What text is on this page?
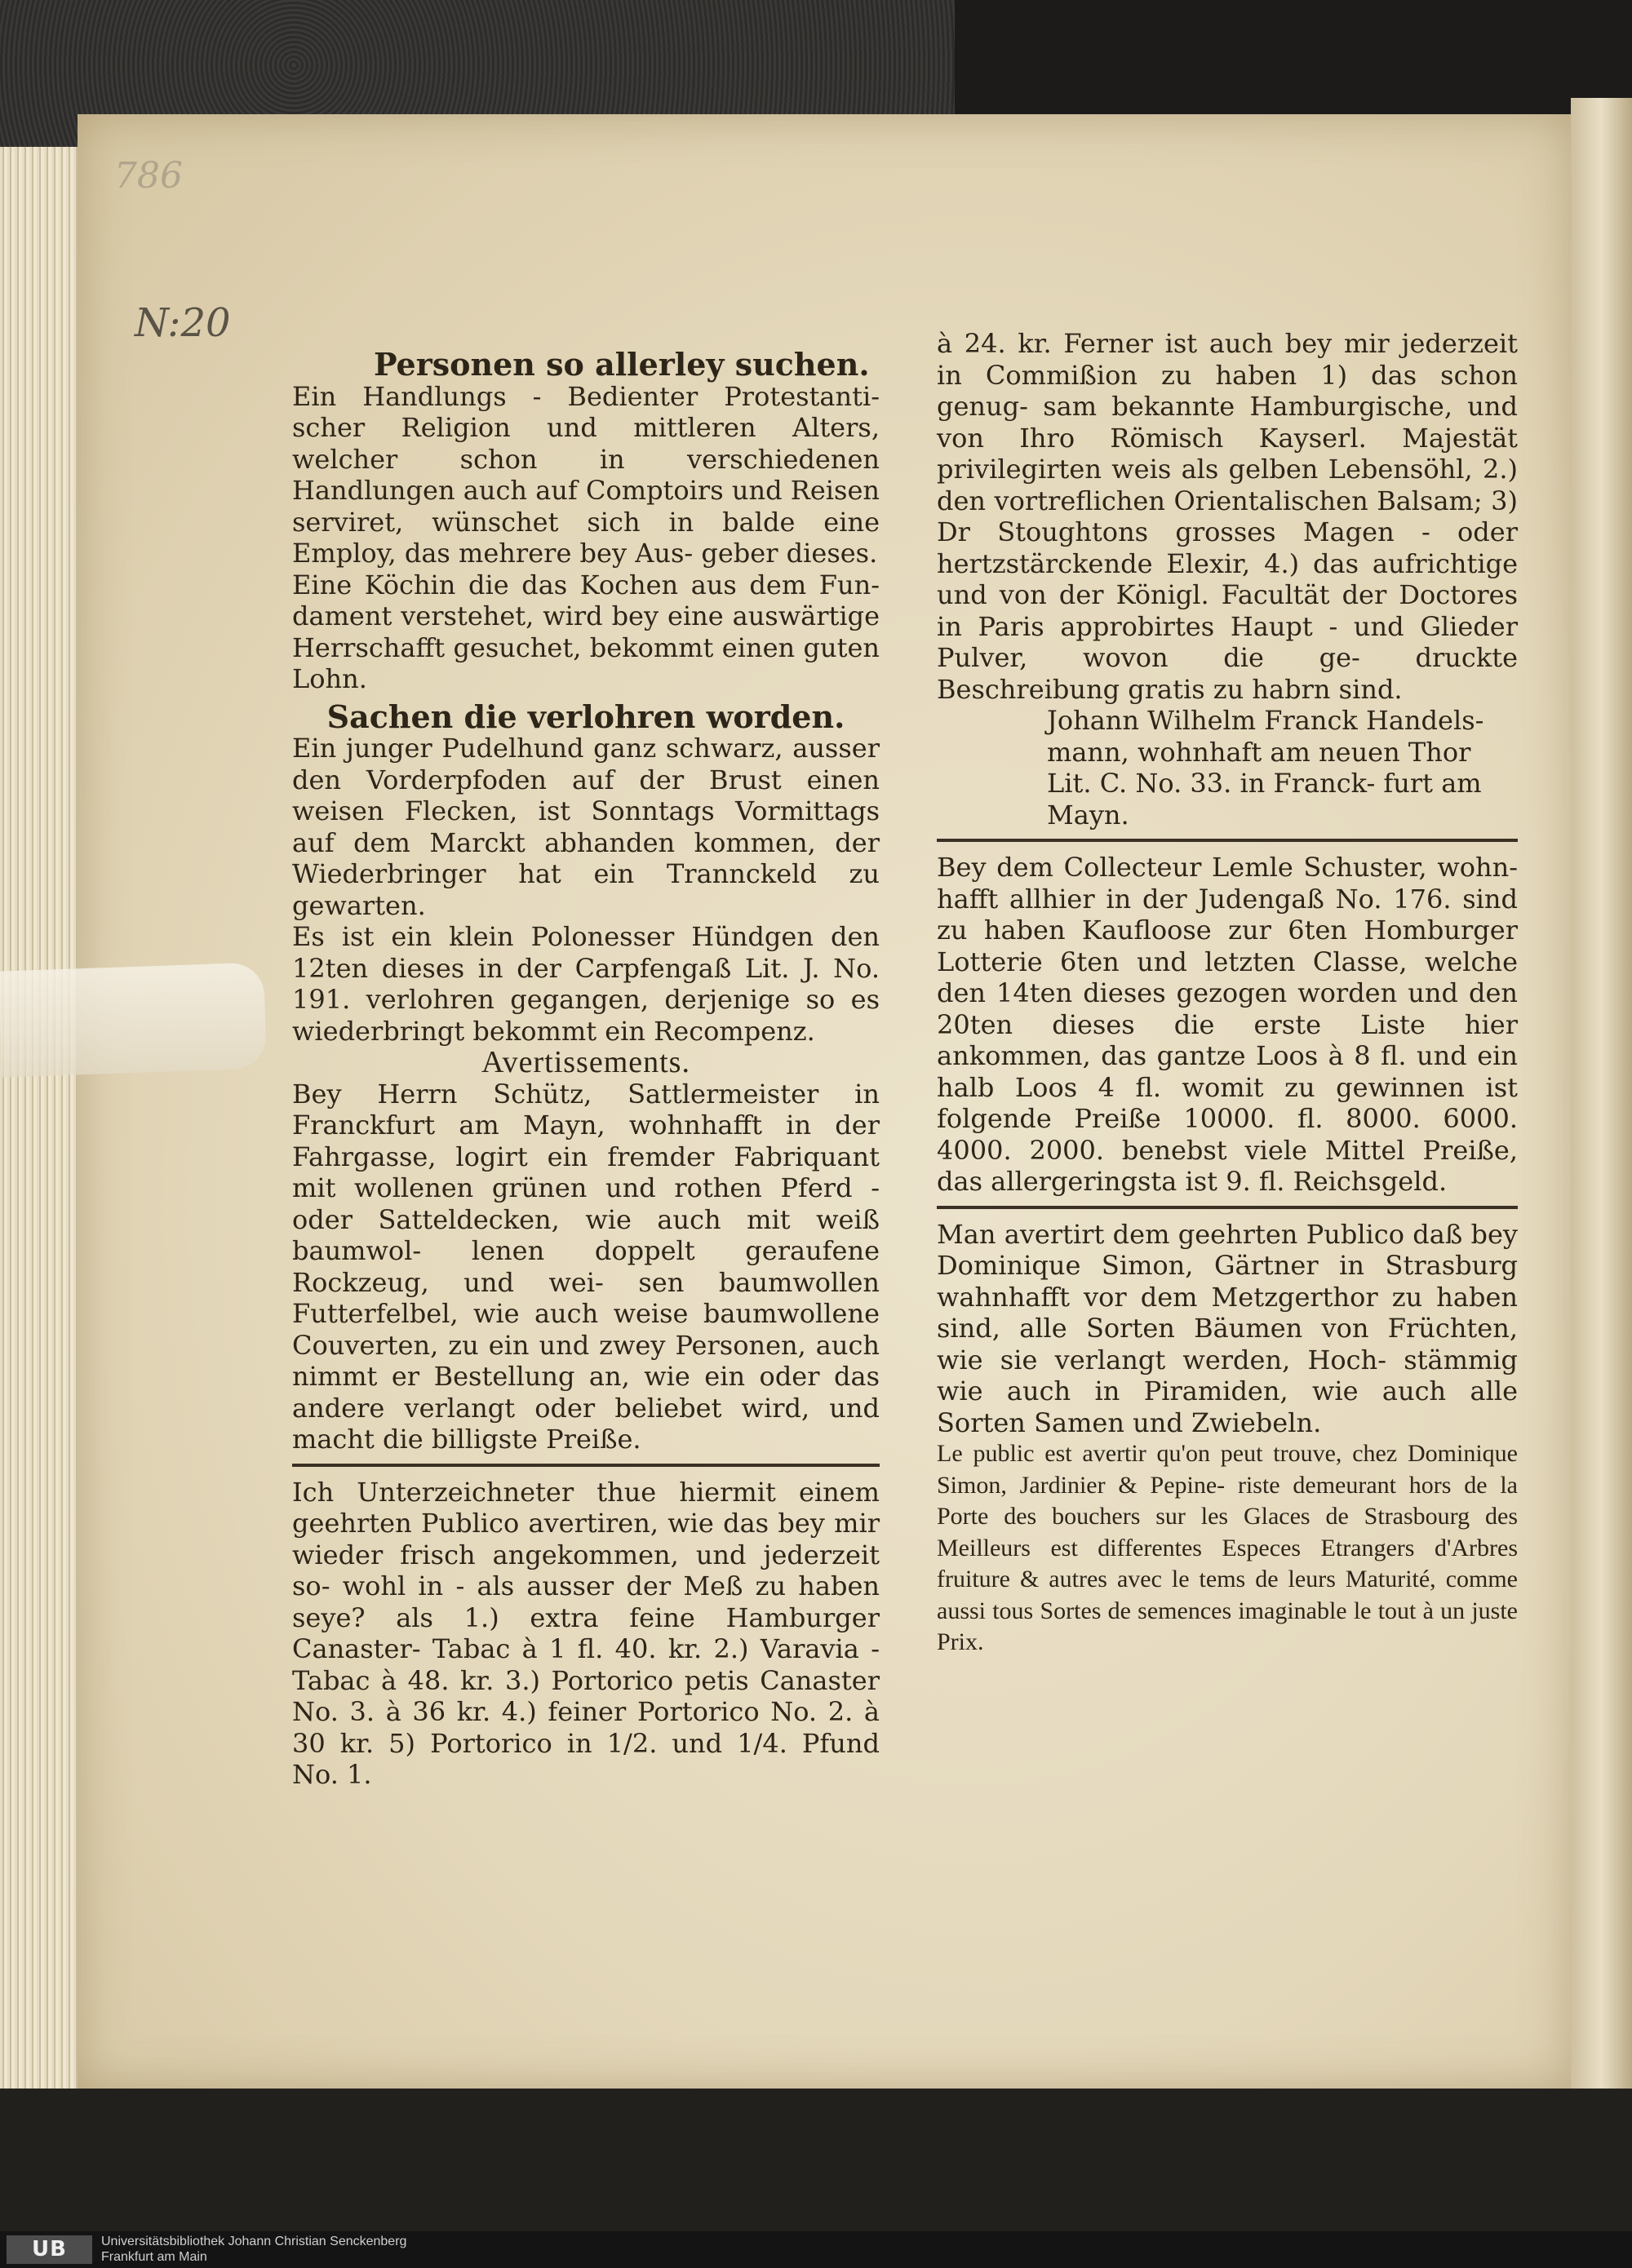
786
N:20

Personen so allerley suchen.

Ein Handlungs - Bedienter Protestanti- scher Religion und mittleren Alters, welcher schon in verschiedenen Handlungen auch auf Comptoirs und Reisen serviret, wünschet sich in balde eine Employ, das mehrere bey Aus- geber dieses.

Eine Köchin die das Kochen aus dem Fun- dament verstehet, wird bey eine auswärtige Herrschafft gesuchet, bekommt einen guten Lohn.

Sachen die verlohren worden.

Ein junger Pudelhund ganz schwarz, ausser den Vorderpfoden auf der Brust einen weisen Flecken, ist Sonntags Vormittags auf dem Marckt abhanden kommen, der Wiederbringer hat ein Trannckeld zu gewarten.

Es ist ein klein Polonesser Hündgen den 12ten dieses in der Carpfengaß Lit. J. No. 191. verlohren gegangen, derjenige so es wiederbringt bekommt ein Recompenz.

Avertissements.

Bey Herrn Schütz, Sattlermeister in Franckfurt am Mayn, wohnhafft in der Fahrgasse, logirt ein fremder Fabriquant mit wollenen grünen und rothen Pferd - oder Satteldecken, wie auch mit weiß baumwol- lenen doppelt geraufene Rockzeug, und wei- sen baumwollen Futterfelbel, wie auch weise baumwollene Couverten, zu ein und zwey Personen, auch nimmt er Bestellung an, wie ein oder das andere verlangt oder beliebet wird, und macht die billigste Preiße.

Ich Unterzeichneter thue hiermit einem geehrten Publico avertiren, wie das bey mir wieder frisch angekommen, und jederzeit so- wohl in - als ausser der Meß zu haben seye? als 1.) extra feine Hamburger Canaster- Tabac à 1 fl. 40. kr. 2.) Varavia - Tabac à 48. kr. 3.) Portorico petis Canaster No. 3. à 36 kr. 4.) feiner Portorico No. 2. à 30 kr. 5) Portorico in 1/2. und 1/4. Pfund No. 1.

à 24. kr. Ferner ist auch bey mir jederzeit in Commißion zu haben 1) das schon genug- sam bekannte Hamburgische, und von Ihro Römisch Kayserl. Majestät privilegirten weis als gelben Lebensöhl, 2.) den vortreflichen Orientalischen Balsam; 3) Dr Stoughtons grosses Magen - oder hertzstärckende Elexir, 4.) das aufrichtige und von der Königl. Facultät der Doctores in Paris approbirtes Haupt - und Glieder Pulver, wovon die ge- druckte Beschreibung gratis zu habrn sind.

Johann Wilhelm Franck Handels- mann, wohnhaft am neuen Thor Lit. C. No. 33. in Franck- furt am Mayn.

Bey dem Collecteur Lemle Schuster, wohn- hafft allhier in der Judengaß No. 176. sind zu haben Kaufloose zur 6ten Homburger Lotterie 6ten und letzten Classe, welche den 14ten dieses gezogen worden und den 20ten dieses die erste Liste hier ankommen, das gantze Loos à 8 fl. und ein halb Loos 4 fl. womit zu gewinnen ist folgende Preiße 10000. fl. 8000. 6000. 4000. 2000. benebst viele Mittel Preiße, das allergeringsta ist 9. fl. Reichsgeld.

Man avertirt dem geehrten Publico daß bey Dominique Simon, Gärtner in Strasburg wahnhafft vor dem Metzgerthor zu haben sind, alle Sorten Bäumen von Früchten, wie sie verlangt werden, Hoch- stämmig wie auch in Piramiden, wie auch alle Sorten Samen und Zwiebeln.

Le public est avertir qu'on peut trouve, chez Dominique Simon, Jardinier & Pepine- riste demeurant hors de la Porte des bouchers sur les Glaces de Strasbourg des Meilleurs est differentes Especes Etrangers d'Arbres fruiture & autres avec le tems de leurs Maturité, comme aussi tous Sortes de semences imaginable le tout à un juste Prix.

UB	Universitätsbibliothek Johann Christian Senckenberg
Frankfurt am Main
